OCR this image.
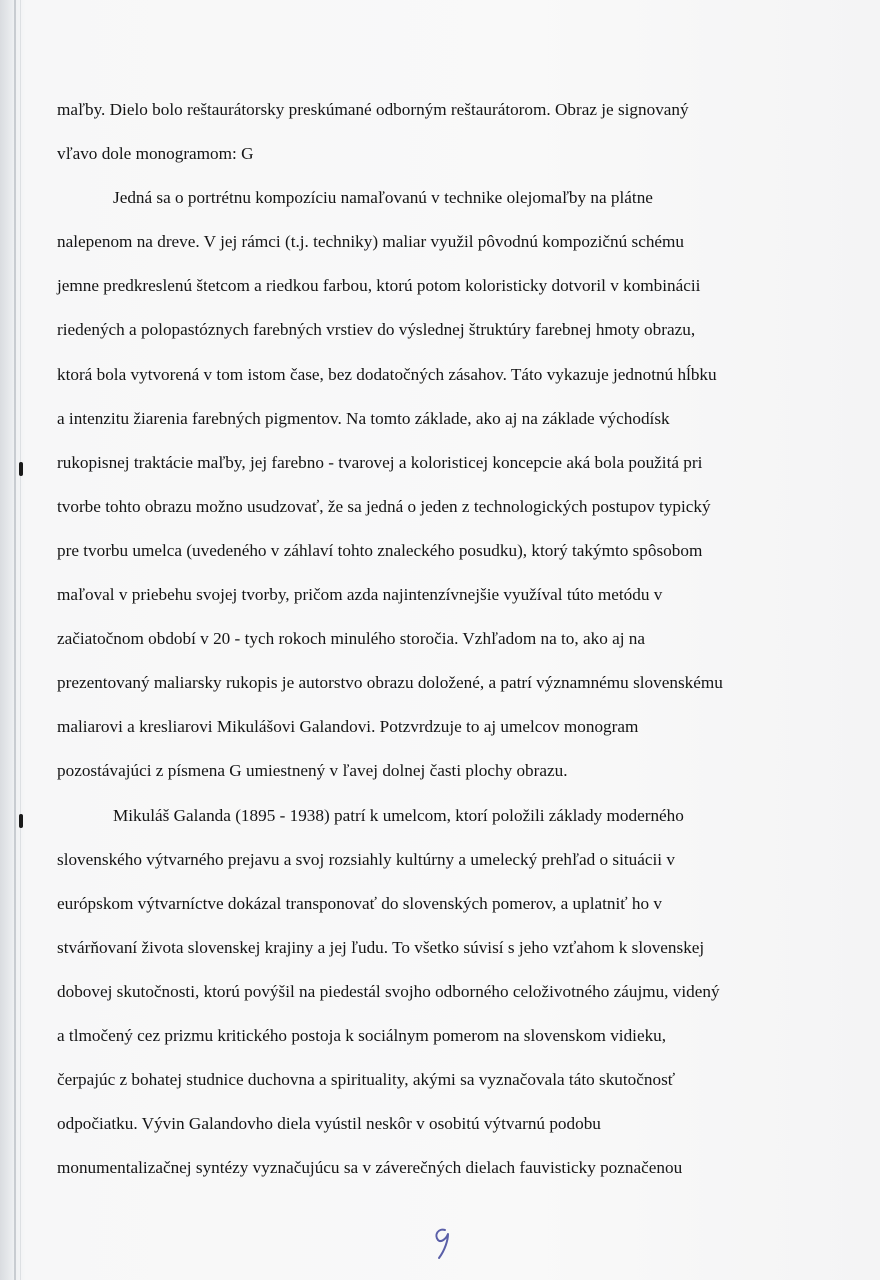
maľby. Dielo bolo reštaurátorsky preskúmané odborným reštaurátorom. Obraz je signovaný
vľavo dole monogramom: G
Jedná sa o portrétnu kompozíciu namaľovanú v technike olejomaľby na plátne
nalepenom na dreve. V jej rámci (t.j. techniky) maliar využil pôvodnú kompozičnú schému
jemne predkreslenú štetcom a riedkou farbou, ktorú potom koloristicky dotvoril v kombinácii
riedených a polopastóznych farebných vrstiev do výslednej štruktúry farebnej hmoty obrazu,
ktorá bola vytvorená v tom istom čase, bez dodatočných zásahov. Táto vykazuje jednotnú hĺbku
a intenzitu žiarenia farebných pigmentov. Na tomto základe, ako aj na základe východísk
rukopisnej traktácie maľby, jej farebno - tvarovej a koloristicej koncepcie aká bola použitá pri
tvorbe tohto obrazu možno usudzovať, že sa jedná o jeden z technologických postupov typický
pre tvorbu umelca (uvedeného v záhlaví tohto znaleckého posudku), ktorý takýmto spôsobom
maľoval v priebehu svojej tvorby, pričom azda najintenzívnejšie využíval túto metódu v
začiatočnom období v 20 - tych rokoch minulého storočia. Vzhľadom na to, ako aj na
prezentovaný maliarsky rukopis je autorstvo obrazu doložené, a patrí významnému slovenskému
maliarovi a kresliarovi Mikulášovi Galandovi. Potzvrdzuje to aj umelcov monogram
pozostávajúci z písmena G umiestnený v ľavej dolnej časti plochy obrazu.
Mikuláš Galanda (1895 - 1938) patrí k umelcom, ktorí položili základy moderného
slovenského výtvarného prejavu a svoj rozsiahly kultúrny a umelecký prehľad o situácii v
európskom výtvarníctve dokázal transponovať do slovenských pomerov, a uplatniť ho v
stvárňovaní života slovenskej krajiny a jej ľudu. To všetko súvisí s jeho vzťahom k slovenskej
dobovej skutočnosti, ktorú povýšil na piedestál svojho odborného celoživotného záujmu, videný
a tlmočený cez prizmu kritického postoja k sociálnym pomerom na slovenskom vidieku,
čerpajúc z bohatej studnice duchovna a spirituality, akými sa vyznačovala táto skutočnosť
odpočiatku. Vývin Galandovho diela vyústil neskôr v osobitú výtvarnú podobu
monumentalizačnej syntézy vyznačujúcu sa v záverečných dielach fauvisticky poznačenou
